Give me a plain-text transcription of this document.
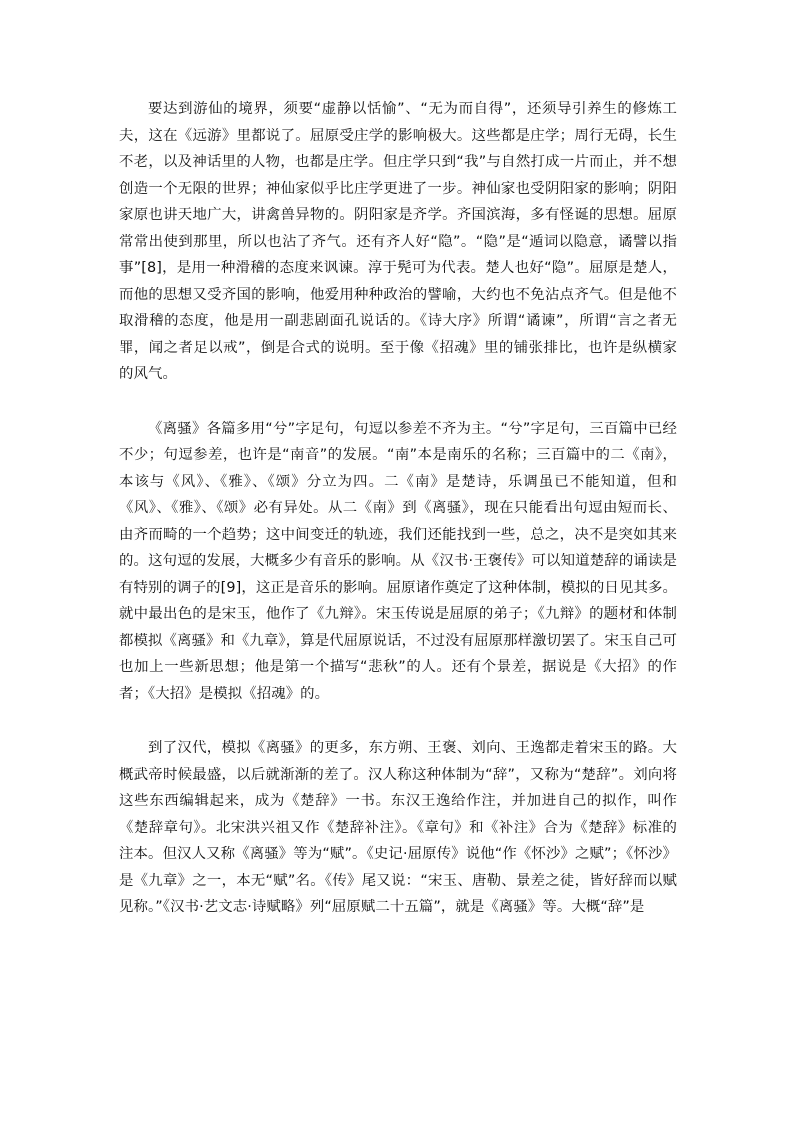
要达到游仙的境界，须要“虚静以恬愉”、“无为而自得”，还须导引养生的修炼工夫，这在《远游》里都说了。屈原受庄学的影响极大。这些都是庄学；周行无碍，长生不老，以及神话里的人物，也都是庄学。但庄学只到“我”与自然打成一片而止，并不想创造一个无限的世界；神仙家似乎比庄学更进了一步。神仙家也受阴阳家的影响；阴阳家原也讲天地广大，讲禽兽异物的。阴阳家是齐学。齐国滨海，多有怪诞的思想。屈原常常出使到那里，所以也沾了齐气。还有齐人好“隐”。“隐”是“遁词以隐意，谲譬以指事”[8]，是用一种滑稽的态度来讽谏。淳于髡可为代表。楚人也好“隐”。屈原是楚人，而他的思想又受齐国的影响，他爱用种种政治的譬喻，大约也不免沾点齐气。但是他不取滑稽的态度，他是用一副悲剧面孔说话的。《诗大序》所谓“谲谏”，所谓“言之者无罪，闻之者足以戒”，倒是合式的说明。至于像《招魂》里的铺张排比，也许是纵横家的风气。

《离骚》各篇多用“兮”字足句，句逗以参差不齐为主。“兮”字足句，三百篇中已经不少；句逗参差，也许是“南音”的发展。“南”本是南乐的名称；三百篇中的二《南》，本该与《风》、《雅》、《颂》分立为四。二《南》是楚诗，乐调虽已不能知道，但和《风》、《雅》、《颂》必有异处。从二《南》到《离骚》，现在只能看出句逗由短而长、由齐而畸的一个趋势；这中间变迁的轨迹，我们还能找到一些，总之，决不是突如其来的。这句逗的发展，大概多少有音乐的影响。从《汉书·王褒传》可以知道楚辞的诵读是有特别的调子的[9]，这正是音乐的影响。屈原诸作奠定了这种体制，模拟的日见其多。就中最出色的是宋玉，他作了《九辩》。宋玉传说是屈原的弟子；《九辩》的题材和体制都模拟《离骚》和《九章》，算是代屈原说话，不过没有屈原那样激切罢了。宋玉自己可也加上一些新思想；他是第一个描写“悲秋”的人。还有个景差，据说是《大招》的作者；《大招》是模拟《招魂》的。

到了汉代，模拟《离骚》的更多，东方朔、王褒、刘向、王逸都走着宋玉的路。大概武帝时候最盛，以后就渐渐的差了。汉人称这种体制为“辞”，又称为“楚辞”。刘向将这些东西编辑起来，成为《楚辞》一书。东汉王逸给作注，并加进自己的拟作，叫作《楚辞章句》。北宋洪兴祖又作《楚辞补注》。《章句》和《补注》合为《楚辞》标准的注本。但汉人又称《离骚》等为“赋”。《史记·屈原传》说他“作《怀沙》之赋”；《怀沙》是《九章》之一，本无“赋”名。《传》尾又说：“宋玉、唐勒、景差之徒，皆好辞而以赋见称。”《汉书·艺文志·诗赋略》列“屈原赋二十五篇”，就是《离骚》等。大概“辞”是
